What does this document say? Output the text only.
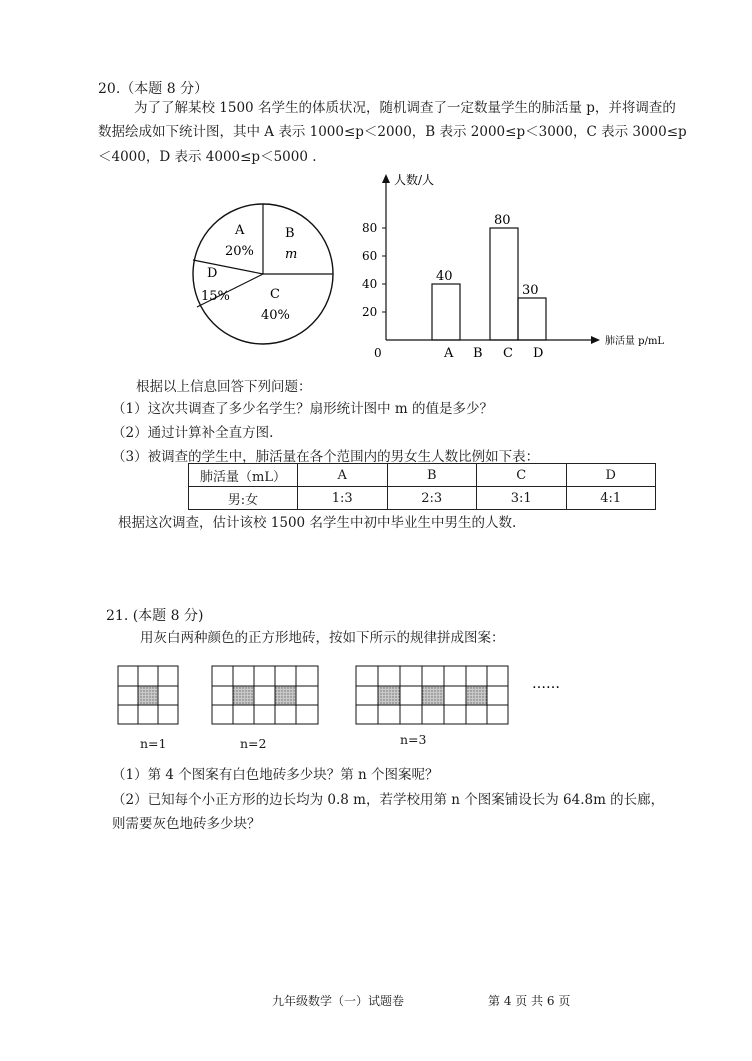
20.（本题 8 分）
为了了解某校 1500 名学生的体质状况，随机调查了一定数量学生的肺活量 p，并将调查的
数据绘成如下统计图，其中 A 表示 1000≤p＜2000，B 表示 2000≤p＜3000，C 表示 3000≤p
＜4000，D 表示 4000≤p＜5000 .
A
20%
B
m
C
40%
D
15%
人数/人
肺活量 p/mL
0
20
40
60
80
40
A B
80
C
30
D
根据以上信息回答下列问题：
（1）这次共调查了多少名学生？扇形统计图中 m 的值是多少？
（2）通过计算补全直方图.
（3）被调查的学生中，肺活量在各个范围内的男女生人数比例如下表：
肺活量（mL）	A	B	C	D
男:女	1:3	2:3	3:1	4:1
根据这次调查，估计该校 1500 名学生中初中毕业生中男生的人数.
21. (本题 8 分)
用灰白两种颜色的正方形地砖，按如下所示的规律拼成图案：
……
n=1	n=2	n=3
（1）第 4 个图案有白色地砖多少块？第 n 个图案呢？
（2）已知每个小正方形的边长均为 0.8 m，若学校用第 n 个图案铺设长为 64.8m 的长廊，
则需要灰色地砖多少块？
九年级数学（一）试题卷	第 4 页 共 6 页
